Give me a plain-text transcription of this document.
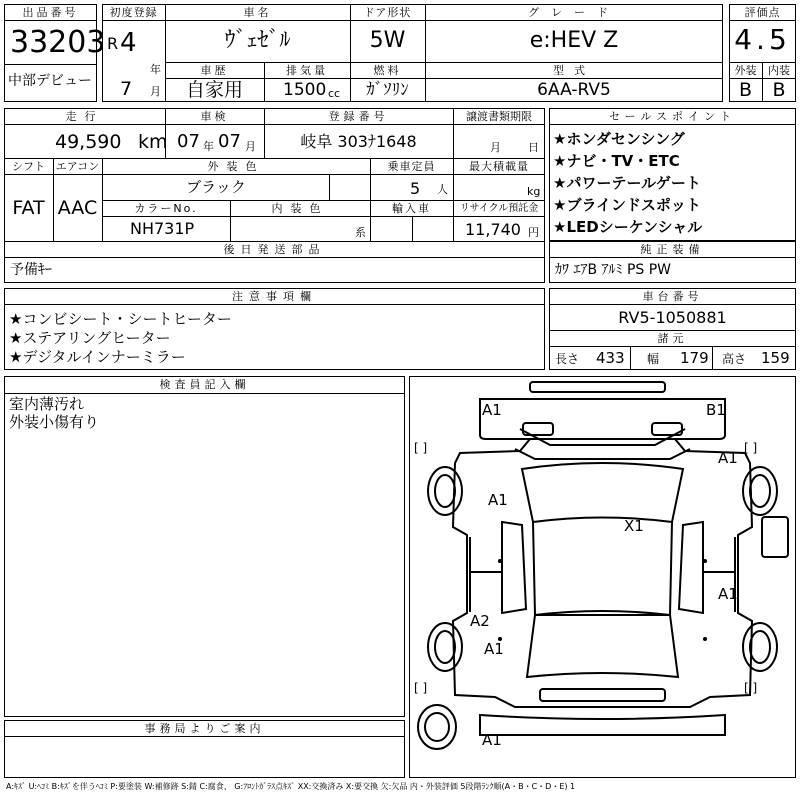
出品番号
33203
中部デビュー
初度登録
R 4
年
7 月
車名
ｳﾞｪｾﾞﾙ
ドア形状
5W
グレード
e:HEV Z
車歴
自家用
排気量
1500 cc
燃料
ｶﾞｿﾘﾝ
型式
6AA-RV5
評価点
4.5
外装	内装
B	B
走行
49,590 km
車検
07 年 07 月
登録番号
岐阜 303ﾅ1648
譲渡書類期限
月 日
シフト
FAT
エアコン
AAC
外装色
ブラック
乗車定員
5 人
最大積載量
kg
カラーNo.
NH731P
内装色
系
輸入車	リサイクル預託金
11,740 円
後日発送部品
予備ｷｰ
セールスポイント
★ホンダセンシング
★ナビ・TV・ETC
★パワーテールゲート
★ブラインドスポット
★LEDシーケンシャル
純正装備
ｶﾜ ｴｱB ｱﾙﾐ PS PW
注意事項欄
★コンビシート・シートヒーター
★ステアリングヒーター
★デジタルインナーミラー
車台番号
RV5-1050881
諸元
長さ 433 幅 179 高さ 159
検査員記入欄
室内薄汚れ
外装小傷有り
事務局よりご案内
A1	B1
A1
A1
X1
A1
A2
A1
A1
[ ]	[ ]
[ ]	[ ]
A:ｷｽﾞ U:ﾍｺﾐ B:ｷｽﾞを伴うﾍｺﾐ P:要塗装 W:補修跡 S:錆 C:腐食、 G:ﾌﾛﾝﾄｶﾞﾗｽ点ｷｽﾞ XX:交換済み X:要交換 欠:欠品 内・外装評価 5段階ﾗﾝｸ順(A・B・C・D・E) 1
